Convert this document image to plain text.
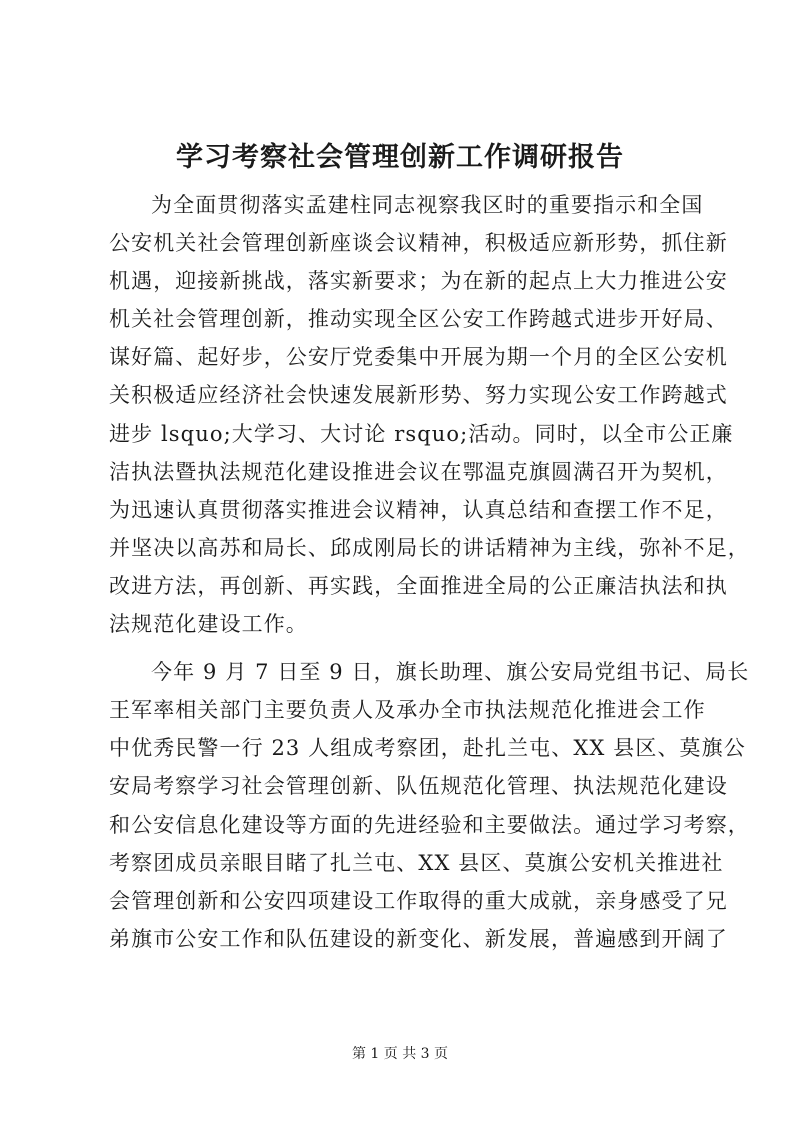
学习考察社会管理创新工作调研报告
为全面贯彻落实孟建柱同志视察我区时的重要指示和全国
公安机关社会管理创新座谈会议精神，积极适应新形势，抓住新
机遇，迎接新挑战，落实新要求；为在新的起点上大力推进公安
机关社会管理创新，推动实现全区公安工作跨越式进步开好局、
谋好篇、起好步，公安厅党委集中开展为期一个月的全区公安机
关积极适应经济社会快速发展新形势、努力实现公安工作跨越式
进步 lsquo;大学习、大讨论 rsquo;活动。同时，以全市公正廉
洁执法暨执法规范化建设推进会议在鄂温克旗圆满召开为契机，
为迅速认真贯彻落实推进会议精神，认真总结和查摆工作不足，
并坚决以高苏和局长、邱成刚局长的讲话精神为主线，弥补不足，
改进方法，再创新、再实践，全面推进全局的公正廉洁执法和执
法规范化建设工作。
今年 9 月 7 日至 9 日，旗长助理、旗公安局党组书记、局长
王军率相关部门主要负责人及承办全市执法规范化推进会工作
中优秀民警一行 23 人组成考察团，赴扎兰屯、XX 县区、莫旗公
安局考察学习社会管理创新、队伍规范化管理、执法规范化建设
和公安信息化建设等方面的先进经验和主要做法。通过学习考察，
考察团成员亲眼目睹了扎兰屯、XX 县区、莫旗公安机关推进社
会管理创新和公安四项建设工作取得的重大成就，亲身感受了兄
弟旗市公安工作和队伍建设的新变化、新发展，普遍感到开阔了
第 1 页 共 3 页
